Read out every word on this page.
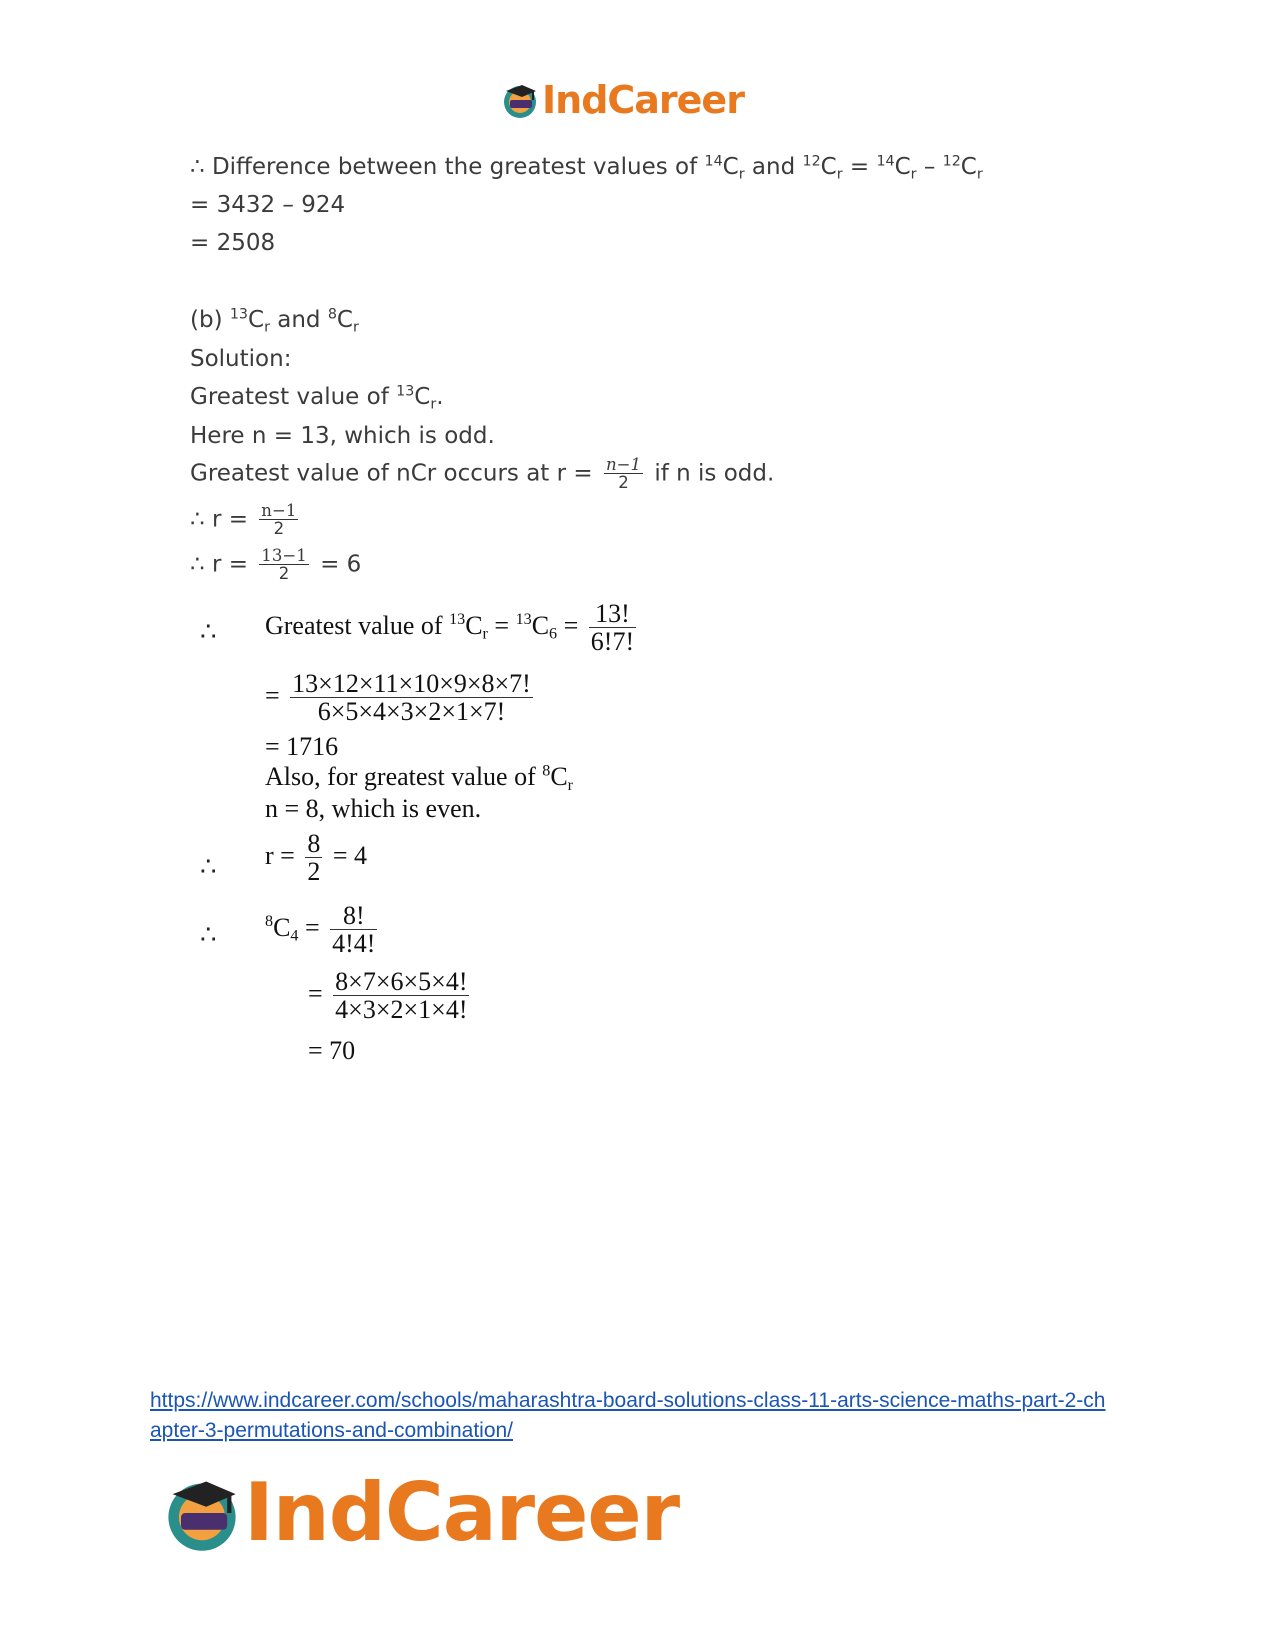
IndCareer
∴ Difference between the greatest values of $^{14}C_r$ and $^{12}C_r = ^{14}C_r - ^{12}C_r$
= 3432 – 924
= 2508
(b) $^{13}C_r$ and $^8C_r$
Solution:
Greatest value of $^{13}C_r$.
Here n = 13, which is odd.
Greatest value of nCr occurs at $r = \frac{n-1}{2}$ if n is odd.
∴ $r = \frac{n-1}{2}$
∴ $r = \frac{13-1}{2} = 6$
∴ Greatest value of $^{13}C_r = ^{13}C_6 = \frac{13!}{6!7!}$
= $\frac{13\times 12\times 11\times 10\times 9\times 8\times 7!}{6\times 5\times 4\times 3\times 2\times 1\times 7!}$
= 1716
Also, for greatest value of $^8C_r$
n = 8, which is even.
∴ $r = \frac{8}{2} = 4$
∴	$^8C_4 = \frac{8!}{4!4!}$
= $\frac{8\times 7\times 6\times 5\times 4!}{4\times 3\times 2\times 1\times 4!}$
= 70
https://www.indcareer.com/schools/maharashtra-board-solutions-class-11-arts-science-maths-part-2-chapter-3-permutations-and-combination/
IndCareer
